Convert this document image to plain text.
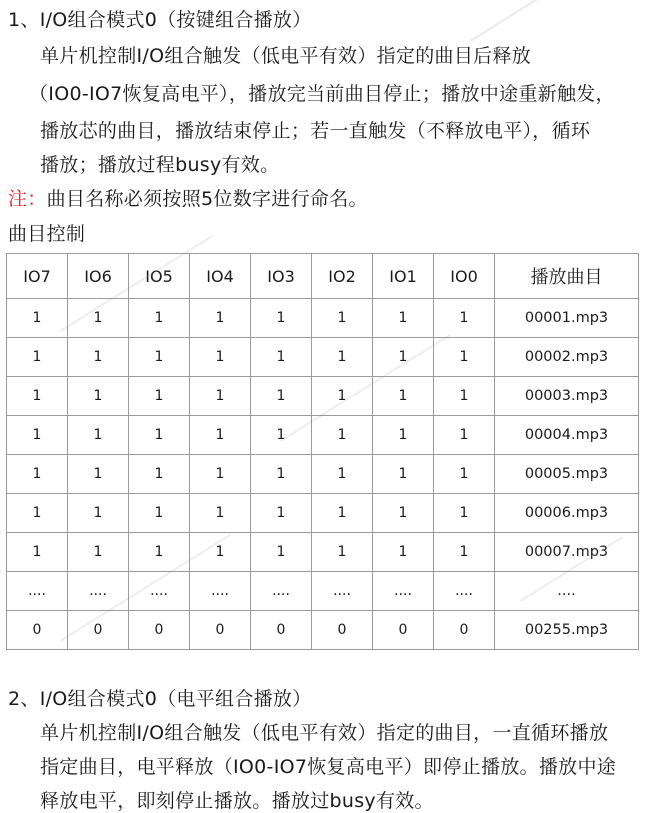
1、I/O组合模式0（按键组合播放）
单片机控制I/O组合触发（低电平有效）指定的曲目后释放
（IO0-IO7恢复高电平），播放完当前曲目停止；播放中途重新触发，
播放芯的曲目，播放结束停止；若一直触发（不释放电平），循环
播放；播放过程busy有效。
注：曲目名称必须按照5位数字进行命名。
曲目控制
IO7	IO6	IO5	IO4	IO3	IO2	IO1	IO0	播放曲目
1	1	1	1	1	1	1	1	00001.mp3
1	1	1	1	1	1	1	1	00002.mp3
1	1	1	1	1	1	1	1	00003.mp3
1	1	1	1	1	1	1	1	00004.mp3
1	1	1	1	1	1	1	1	00005.mp3
1	1	1	1	1	1	1	1	00006.mp3
1	1	1	1	1	1	1	1	00007.mp3
....	....	....	....	....	....	....	....	....
0	0	0	0	0	0	0	0	00255.mp3
2、I/O组合模式0（电平组合播放）
单片机控制I/O组合触发（低电平有效）指定的曲目，一直循环播放
指定曲目，电平释放（IO0-IO7恢复高电平）即停止播放。播放中途
释放电平，即刻停止播放。播放过busy有效。
